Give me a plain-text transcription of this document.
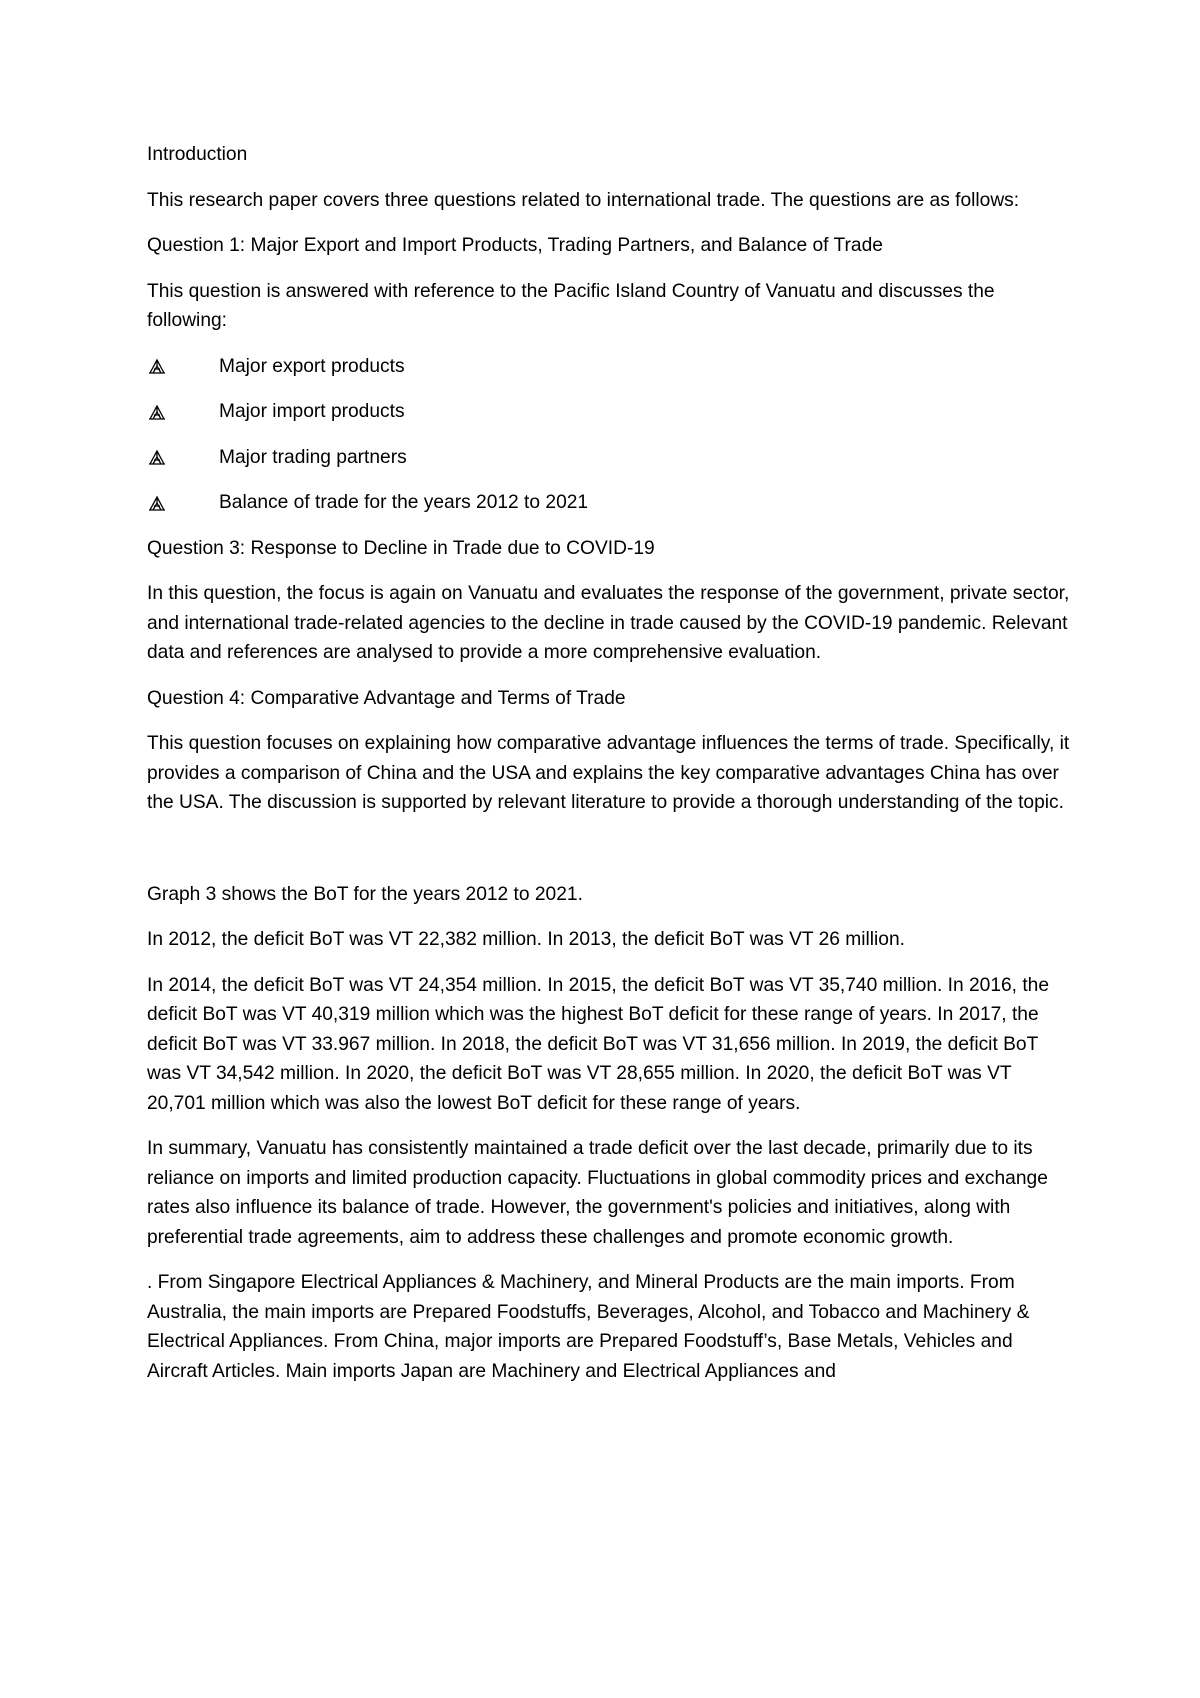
Introduction

This research paper covers three questions related to international trade. The questions are as follows:

Question 1: Major Export and Import Products, Trading Partners, and Balance of Trade

This question is answered with reference to the Pacific Island Country of Vanuatu and discusses the following:

Major export products
Major import products
Major trading partners
Balance of trade for the years 2012 to 2021

Question 3: Response to Decline in Trade due to COVID-19

In this question, the focus is again on Vanuatu and evaluates the response of the government, private sector, and international trade-related agencies to the decline in trade caused by the COVID-19 pandemic. Relevant data and references are analysed to provide a more comprehensive evaluation.

Question 4: Comparative Advantage and Terms of Trade

This question focuses on explaining how comparative advantage influences the terms of trade. Specifically, it provides a comparison of China and the USA and explains the key comparative advantages China has over the USA. The discussion is supported by relevant literature to provide a thorough understanding of the topic.

Graph 3 shows the BoT for the years 2012 to 2021.

In 2012, the deficit BoT was VT 22,382 million. In 2013, the deficit BoT was VT 26 million.

In 2014, the deficit BoT was VT 24,354 million. In 2015, the deficit BoT was VT 35,740 million. In 2016, the deficit BoT was VT 40,319 million which was the highest BoT deficit for these range of years. In 2017, the deficit BoT was VT 33.967 million. In 2018, the deficit BoT was VT 31,656 million. In 2019, the deficit BoT was VT 34,542 million. In 2020, the deficit BoT was VT 28,655 million. In 2020, the deficit BoT was VT 20,701 million which was also the lowest BoT deficit for these range of years.

In summary, Vanuatu has consistently maintained a trade deficit over the last decade, primarily due to its reliance on imports and limited production capacity. Fluctuations in global commodity prices and exchange rates also influence its balance of trade. However, the government's policies and initiatives, along with preferential trade agreements, aim to address these challenges and promote economic growth.

. From Singapore Electrical Appliances & Machinery, and Mineral Products are the main imports. From Australia, the main imports are Prepared Foodstuffs, Beverages, Alcohol, and Tobacco and Machinery & Electrical Appliances. From China, major imports are Prepared Foodstuff’s, Base Metals, Vehicles and Aircraft Articles. Main imports Japan are Machinery and Electrical Appliances and
